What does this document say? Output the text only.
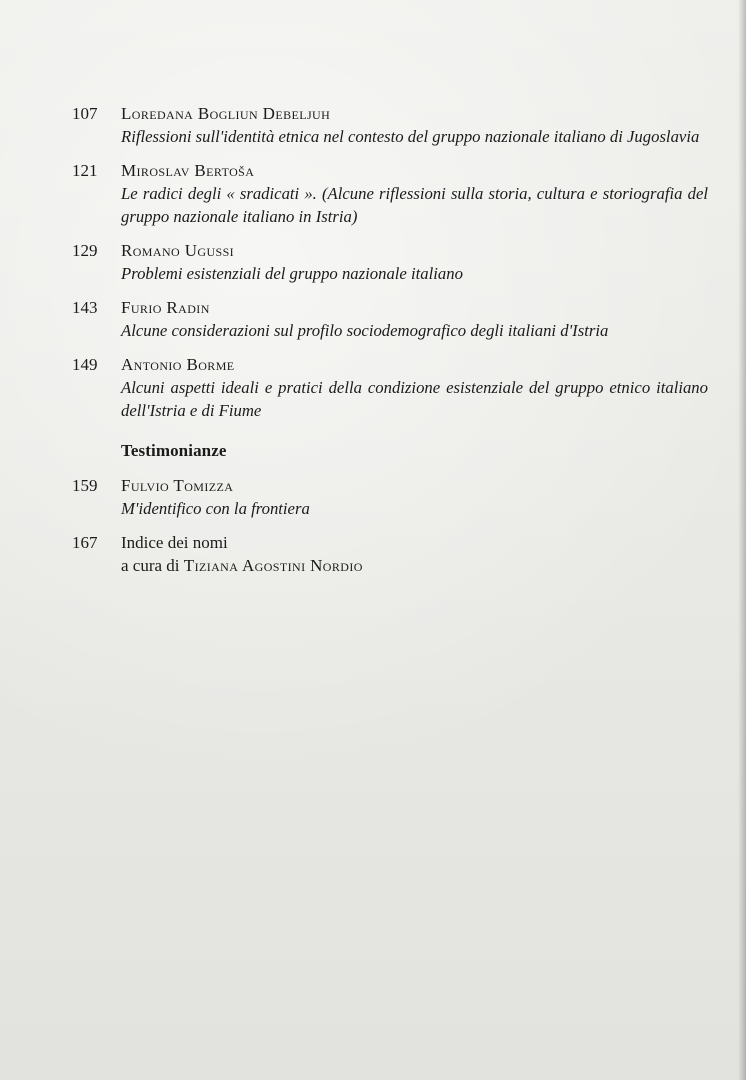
107	Loredana Bogliun Debeljuh
Riflessioni sull'identità etnica nel contesto del gruppo nazionale italiano di Jugoslavia
121	Miroslav Bertoša
Le radici degli « sradicati ». (Alcune riflessioni sulla storia, cultura e storiografia del gruppo nazionale italiano in Istria)
129	Romano Ugussi
Problemi esistenziali del gruppo nazionale italiano
143	Furio Radin
Alcune considerazioni sul profilo sociodemografico degli italiani d'Istria
149	Antonio Borme
Alcuni aspetti ideali e pratici della condizione esistenziale del gruppo etnico italiano dell'Istria e di Fiume
Testimonianze
159	Fulvio Tomizza
M'identifico con la frontiera
167	Indice dei nomi
a cura di Tiziana Agostini Nordio
